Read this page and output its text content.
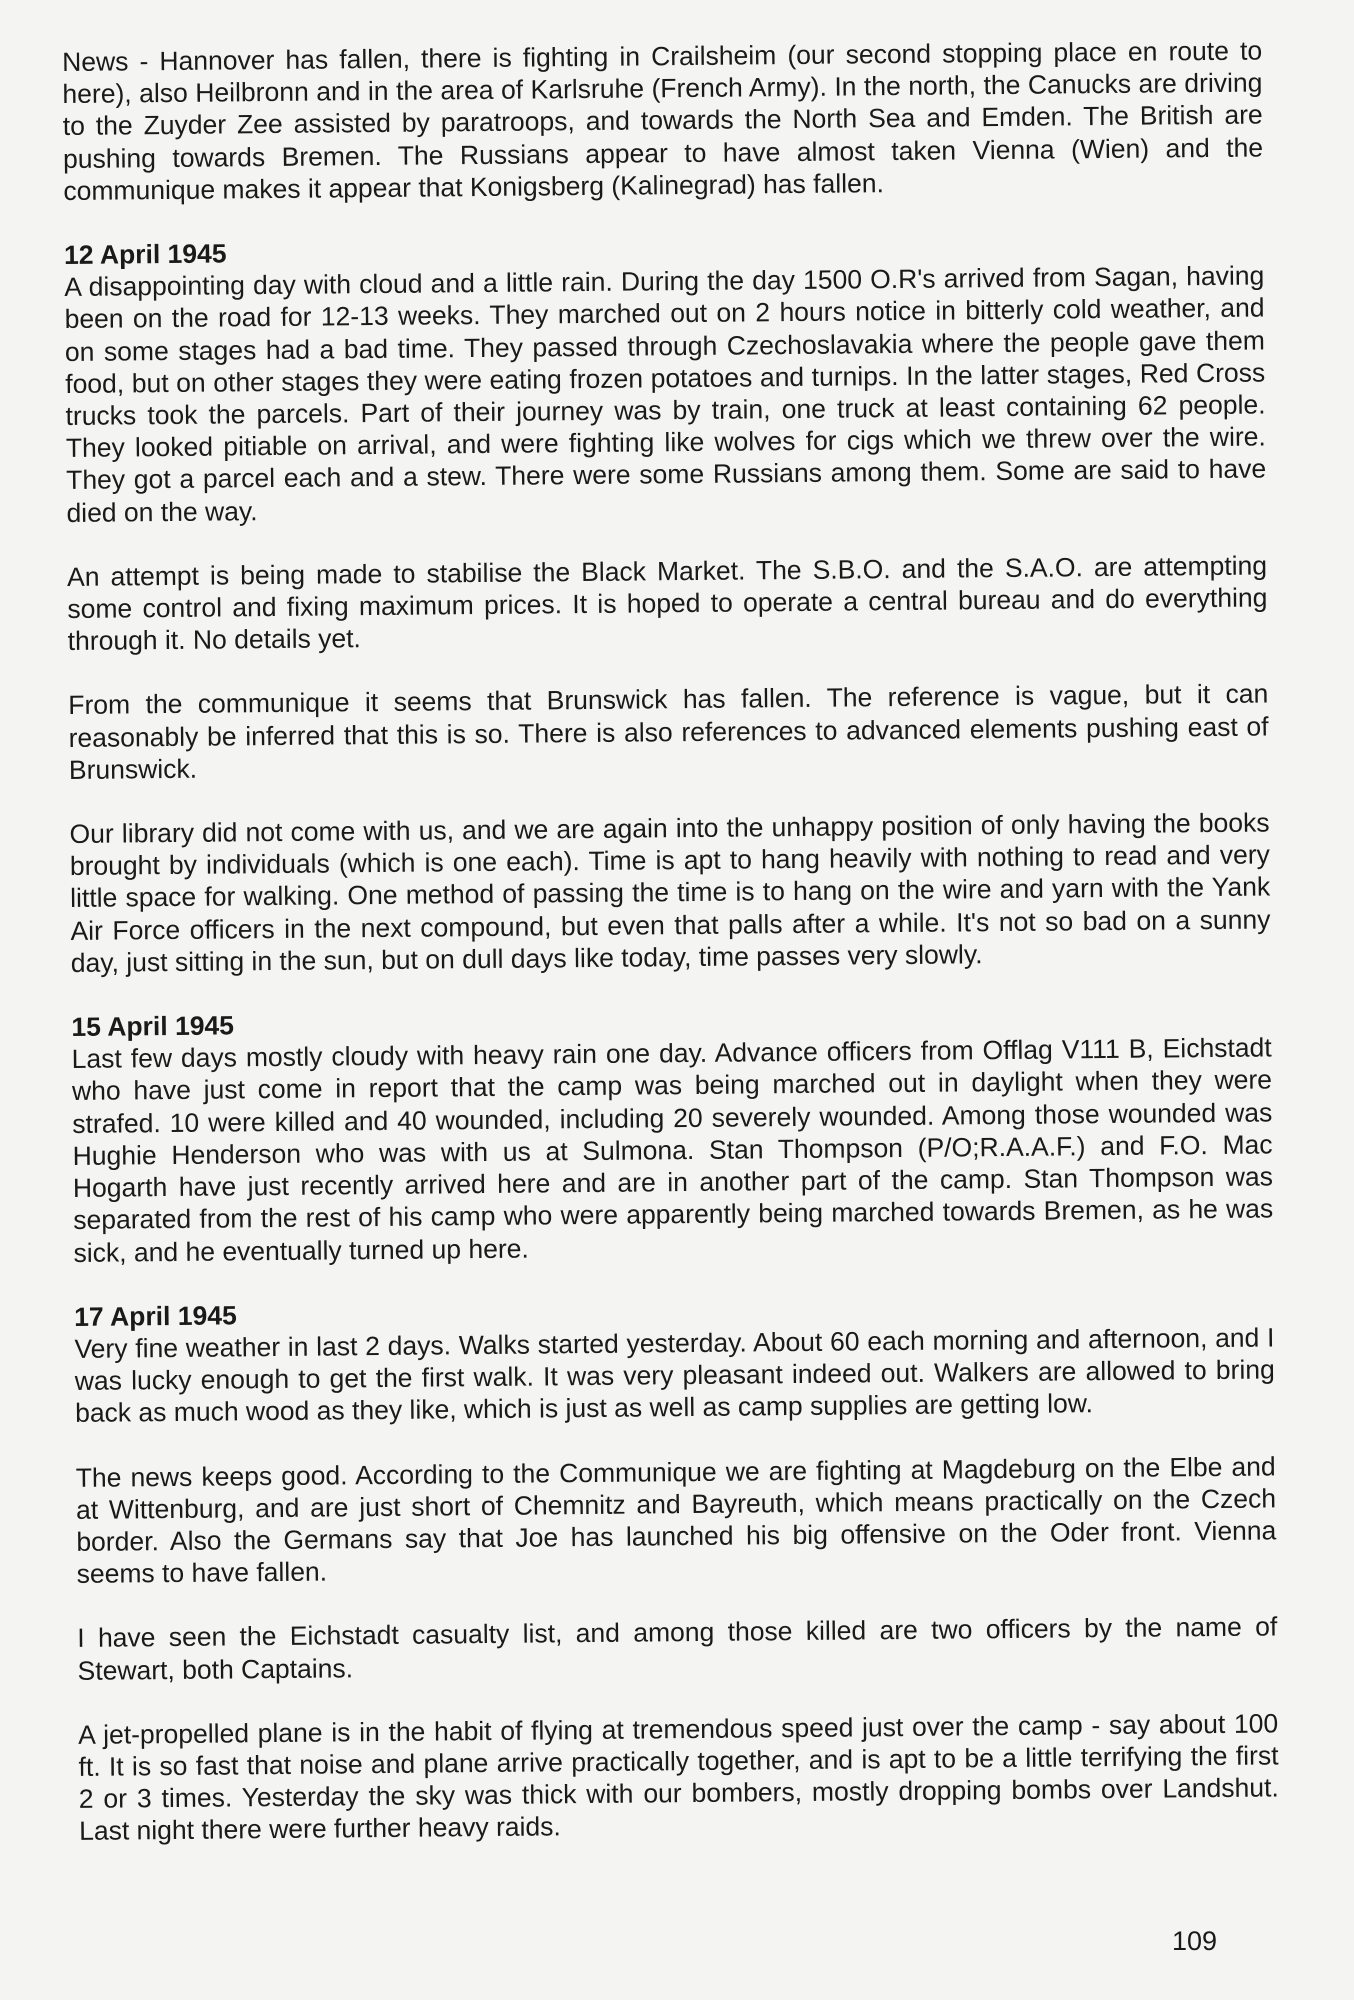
News - Hannover has fallen, there is fighting in Crailsheim (our second stopping place en route to here), also Heilbronn and in the area of Karlsruhe (French Army). In the north, the Canucks are driving to the Zuyder Zee assisted by paratroops, and towards the North Sea and Emden. The British are pushing towards Bremen. The Russians appear to have almost taken Vienna (Wien) and the communique makes it appear that Konigsberg (Kalinegrad) has fallen.

12 April 1945

A disappointing day with cloud and a little rain. During the day 1500 O.R's arrived from Sagan, having been on the road for 12-13 weeks. They marched out on 2 hours notice in bitterly cold weather, and on some stages had a bad time. They passed through Czechoslavakia where the people gave them food, but on other stages they were eating frozen potatoes and turnips. In the latter stages, Red Cross trucks took the parcels. Part of their journey was by train, one truck at least containing 62 people. They looked pitiable on arrival, and were fighting like wolves for cigs which we threw over the wire. They got a parcel each and a stew. There were some Russians among them. Some are said to have died on the way.

An attempt is being made to stabilise the Black Market. The S.B.O. and the S.A.O. are attempting some control and fixing maximum prices. It is hoped to operate a central bureau and do everything through it. No details yet.

From the communique it seems that Brunswick has fallen. The reference is vague, but it can reasonably be inferred that this is so. There is also references to advanced elements pushing east of Brunswick.

Our library did not come with us, and we are again into the unhappy position of only having the books brought by individuals (which is one each). Time is apt to hang heavily with nothing to read and very little space for walking. One method of passing the time is to hang on the wire and yarn with the Yank Air Force officers in the next compound, but even that palls after a while. It's not so bad on a sunny day, just sitting in the sun, but on dull days like today, time passes very slowly.

15 April 1945

Last few days mostly cloudy with heavy rain one day. Advance officers from Offlag V111 B, Eichstadt who have just come in report that the camp was being marched out in daylight when they were strafed. 10 were killed and 40 wounded, including 20 severely wounded. Among those wounded was Hughie Henderson who was with us at Sulmona. Stan Thompson (P/O;R.A.A.F.) and F.O. Mac Hogarth have just recently arrived here and are in another part of the camp. Stan Thompson was separated from the rest of his camp who were apparently being marched towards Bremen, as he was sick, and he eventually turned up here.

17 April 1945

Very fine weather in last 2 days. Walks started yesterday. About 60 each morning and afternoon, and I was lucky enough to get the first walk. It was very pleasant indeed out. Walkers are allowed to bring back as much wood as they like, which is just as well as camp supplies are getting low.

The news keeps good. According to the Communique we are fighting at Magdeburg on the Elbe and at Wittenburg, and are just short of Chemnitz and Bayreuth, which means practically on the Czech border. Also the Germans say that Joe has launched his big offensive on the Oder front. Vienna seems to have fallen.

I have seen the Eichstadt casualty list, and among those killed are two officers by the name of Stewart, both Captains.

A jet-propelled plane is in the habit of flying at tremendous speed just over the camp - say about 100 ft. It is so fast that noise and plane arrive practically together, and is apt to be a little terrifying the first 2 or 3 times. Yesterday the sky was thick with our bombers, mostly dropping bombs over Landshut. Last night there were further heavy raids.

109
